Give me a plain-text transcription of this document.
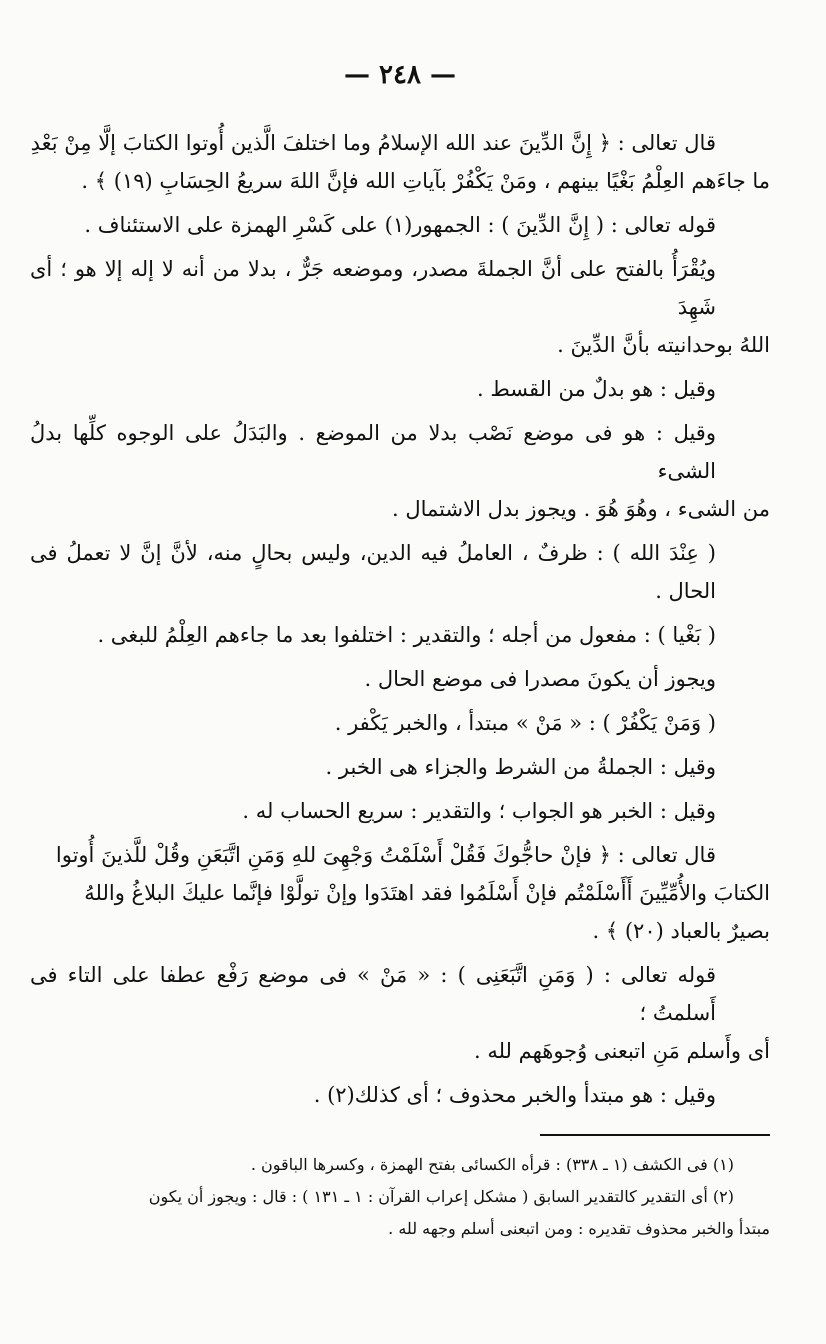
— ٢٤٨ —

قال تعالى : ﴿ إِنَّ الدِّينَ عند الله الإسلامُ وما اختلفَ الَّذين أُوتوا الكتابَ إلَّا مِنْ بَعْدِ

ما جاءَهم العِلْمُ بَغْيًا بينهم ، ومَنْ يَكْفُرْ بآياتِ الله فإنَّ اللهَ سريعُ الحِسَابِ (١٩) ﴾ .

قوله تعالى : ( إِنَّ الدِّينَ ) : الجمهور(١) على كَسْرِ الهمزة على الاستئناف .

ويُقْرَأُ بالفتح على أنَّ الجملةَ مصدر، وموضعه جَرٌّ ، بدلا من أنه لا إله إلا هو ؛ أى شَهِدَ

اللهُ بوحدانيته بأنَّ الدِّينَ .

وقيل : هو بدلٌ من القسط .

وقيل : هو فى موضع نَصْب بدلا من الموضع . والبَدَلُ على الوجوه كلِّها بدلُ الشىء

من الشىء ، وهُوَ هُوَ . ويجوز بدل الاشتمال .

( عِنْدَ الله ) : ظرفٌ ، العاملُ فيه الدين، وليس بحالٍ منه، لأنَّ إنَّ لا تعملُ فى الحال .

( بَغْيا ) : مفعول من أجله ؛ والتقدير : اختلفوا بعد ما جاءهم العِلْمُ للبغى .

ويجوز أن يكونَ مصدرا فى موضع الحال .

( وَمَنْ يَكْفُرْ ) : « مَنْ » مبتدأ ، والخبر يَكْفر .

وقيل : الجملةُ من الشرط والجزاء هى الخبر .

وقيل : الخبر هو الجواب ؛ والتقدير : سريع الحساب له .

قال تعالى : ﴿ فإنْ حاجُّوكَ فَقُلْ أَسْلَمْتُ وَجْهِىَ للهِ وَمَنِ اتَّبَعَنِ وقُلْ للَّذينَ أُوتوا

الكتابَ والأُمِّيِّينَ أَأَسْلَمْتُم فإنْ أَسْلَمُوا فقد اهتَدَوا وإنْ تولَّوْا فإنَّما عليكَ البلاغُ واللهُ

بصيرٌ بالعباد (٢٠) ﴾ .

قوله تعالى : ( وَمَنِ اتَّبَعَنِى ) : « مَنْ » فى موضع رَفْع عطفا على التاء فى أَسلمتُ ؛

أى وأَسلم مَنِ اتبعنى وُجوهَهم لله .

وقيل : هو مبتدأ والخبر محذوف ؛ أى كذلك(٢) .

(١) فى الكشف (١ ـ ٣٣٨) : قرأه الكسائى بفتح الهمزة ، وكسرها الباقون .

(٢) أى التقدير كالتقدير السابق ( مشكل إعراب القرآن : ١ ـ ١٣١ ) : قال : ويجوز أن يكون

مبتدأ والخبر محذوف تقديره : ومن اتبعنى أسلم وجهه لله .
